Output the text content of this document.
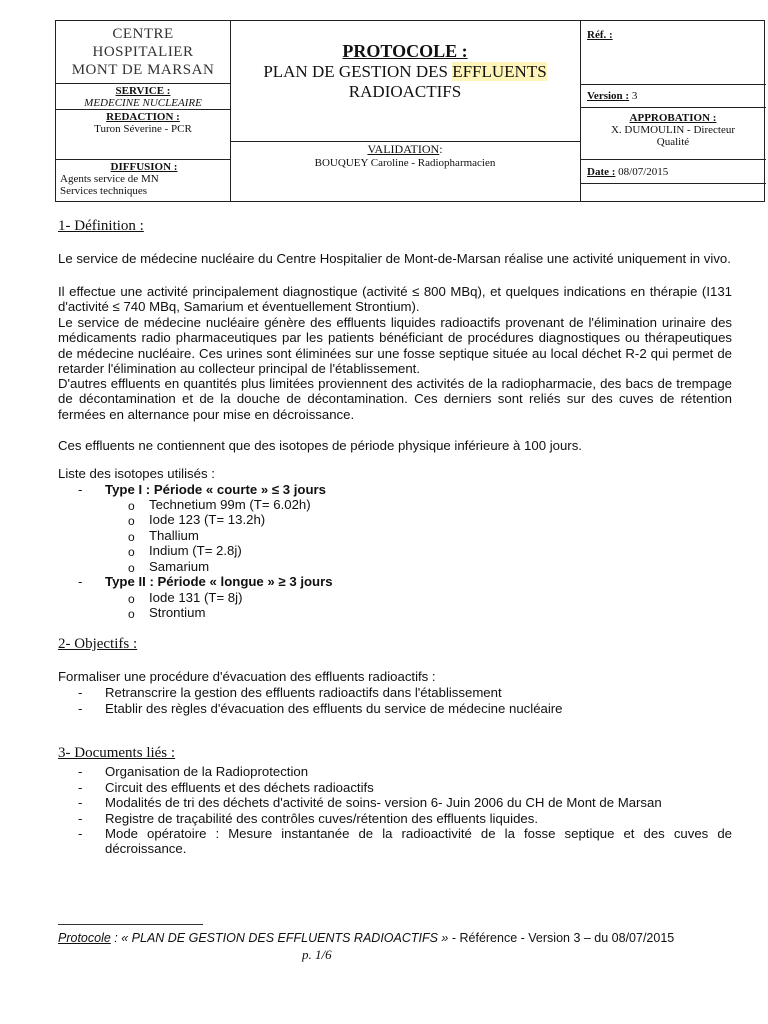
CENTRE
HOSPITALIER
MONT DE MARSAN
SERVICE :
MEDECINE NUCLEAIRE
REDACTION :
Turon Séverine - PCR
DIFFUSION :
Agents service de MN
Services techniques
PROTOCOLE :
PLAN DE GESTION DES EFFLUENTS
RADIOACTIFS
VALIDATION:
BOUQUEY Caroline - Radiopharmacien
Réf. :
Version : 3
APPROBATION :
X. DUMOULIN - Directeur
Qualité
Date : 08/07/2015
1- Définition :

Le service de médecine nucléaire du Centre Hospitalier de Mont-de-Marsan réalise une activité uniquement in vivo.

Il effectue une activité principalement diagnostique (activité ≤ 800 MBq), et quelques indications en thérapie (I131 d'activité ≤ 740 MBq, Samarium et éventuellement Strontium).

Le service de médecine nucléaire génère des effluents liquides radioactifs provenant de l'élimination urinaire des médicaments radio pharmaceutiques par les patients bénéficiant de procédures diagnostiques ou thérapeutiques de médecine nucléaire. Ces urines sont éliminées sur une fosse septique située au local déchet R-2 qui permet de retarder l'élimination au collecteur principal de l'établissement.

D'autres effluents en quantités plus limitées proviennent des activités de la radiopharmacie, des bacs de trempage de décontamination et de la douche de décontamination. Ces derniers sont reliés sur des cuves de rétention fermées en alternance pour mise en décroissance.

Ces effluents ne contiennent que des isotopes de période physique inférieure à 100 jours.

Liste des isotopes utilisés :
- Type I : Période « courte » ≤ 3 jours
o Technetium 99m (T= 6.02h)
o Iode 123 (T= 13.2h)
o Thallium
o Indium (T= 2.8j)
o Samarium
- Type II : Période « longue » ≥ 3 jours
o Iode 131 (T= 8j)
o Strontium
2- Objectifs :
Formaliser une procédure d'évacuation des effluents radioactifs :
- Retranscrire la gestion des effluents radioactifs dans l'établissement
- Etablir des règles d'évacuation des effluents du service de médecine nucléaire
3- Documents liés :
- Organisation de la Radioprotection
- Circuit des effluents et des déchets radioactifs
- Modalités de tri des déchets d'activité de soins- version 6- Juin 2006 du CH de Mont de Marsan
- Registre de traçabilité des contrôles cuves/rétention des effluents liquides.
- Mode opératoire : Mesure instantanée de la radioactivité de la fosse septique et des cuves de décroissance.
Protocole : « PLAN DE GESTION DES EFFLUENTS RADIOACTIFS » - Référence - Version 3 – du 08/07/2015
p. 1/6
